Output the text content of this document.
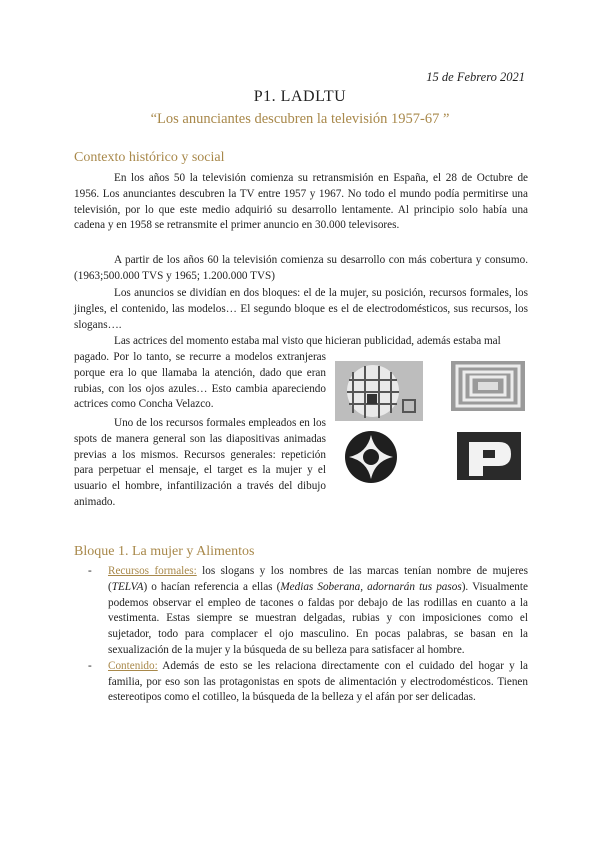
15 de Febrero 2021
P1. LADLTU
“Los anunciantes descubren la televisión 1957-67 ”
Contexto histórico y social
En los años 50 la televisión comienza su retransmisión en España, el 28 de Octubre de 1956. Los anunciantes descubren la TV entre 1957 y 1967. No todo el mundo podía permitirse una televisión, por lo que este medio adquirió su desarrollo lentamente. Al principio solo había una cadena y en 1958 se retransmite el primer anuncio en 30.000 televisores.
A partir de los años 60 la televisión comienza su desarrollo con más cobertura y consumo. (1963;500.000 TVS y 1965; 1.200.000 TVS)
Los anuncios se dividían en dos bloques: el de la mujer, su posición, recursos formales, los jingles, el contenido, las modelos… El segundo bloque es el de electrodomésticos, sus recursos, los slogans….
Las actrices del momento estaba mal visto que hicieran publicidad, además estaba mal
pagado. Por lo tanto, se recurre a modelos extranjeras porque era lo que llamaba la atención, dado que eran rubias, con los ojos azules… Esto cambia apareciendo actrices como Concha Velazco.
Uno de los recursos formales empleados en los spots de manera general son las diapositivas animadas previas a los mismos. Recursos generales: repetición para perpetuar el mensaje, el target es la mujer y el usuario el hombre, infantilización a través del dibujo animado.
Bloque 1. La mujer y Alimentos
- Recursos formales: los slogans y los nombres de las marcas tenían nombre de mujeres (TELVA) o hacían referencia a ellas (Medias Soberana, adornarán tus pasos). Visualmente podemos observar el empleo de tacones o faldas por debajo de las rodillas en cuanto a la vestimenta. Estas siempre se muestran delgadas, rubias y con imposiciones como el sujetador, todo para complacer el ojo masculino. En pocas palabras, se basan en la sexualización de la mujer y la búsqueda de su belleza para satisfacer al hombre.
- Contenido: Además de esto se les relaciona directamente con el cuidado del hogar y la familia, por eso son las protagonistas en spots de alimentación y electrodomésticos. Tienen estereotipos como el cotilleo, la búsqueda de la belleza y el afán por ser delicadas.
